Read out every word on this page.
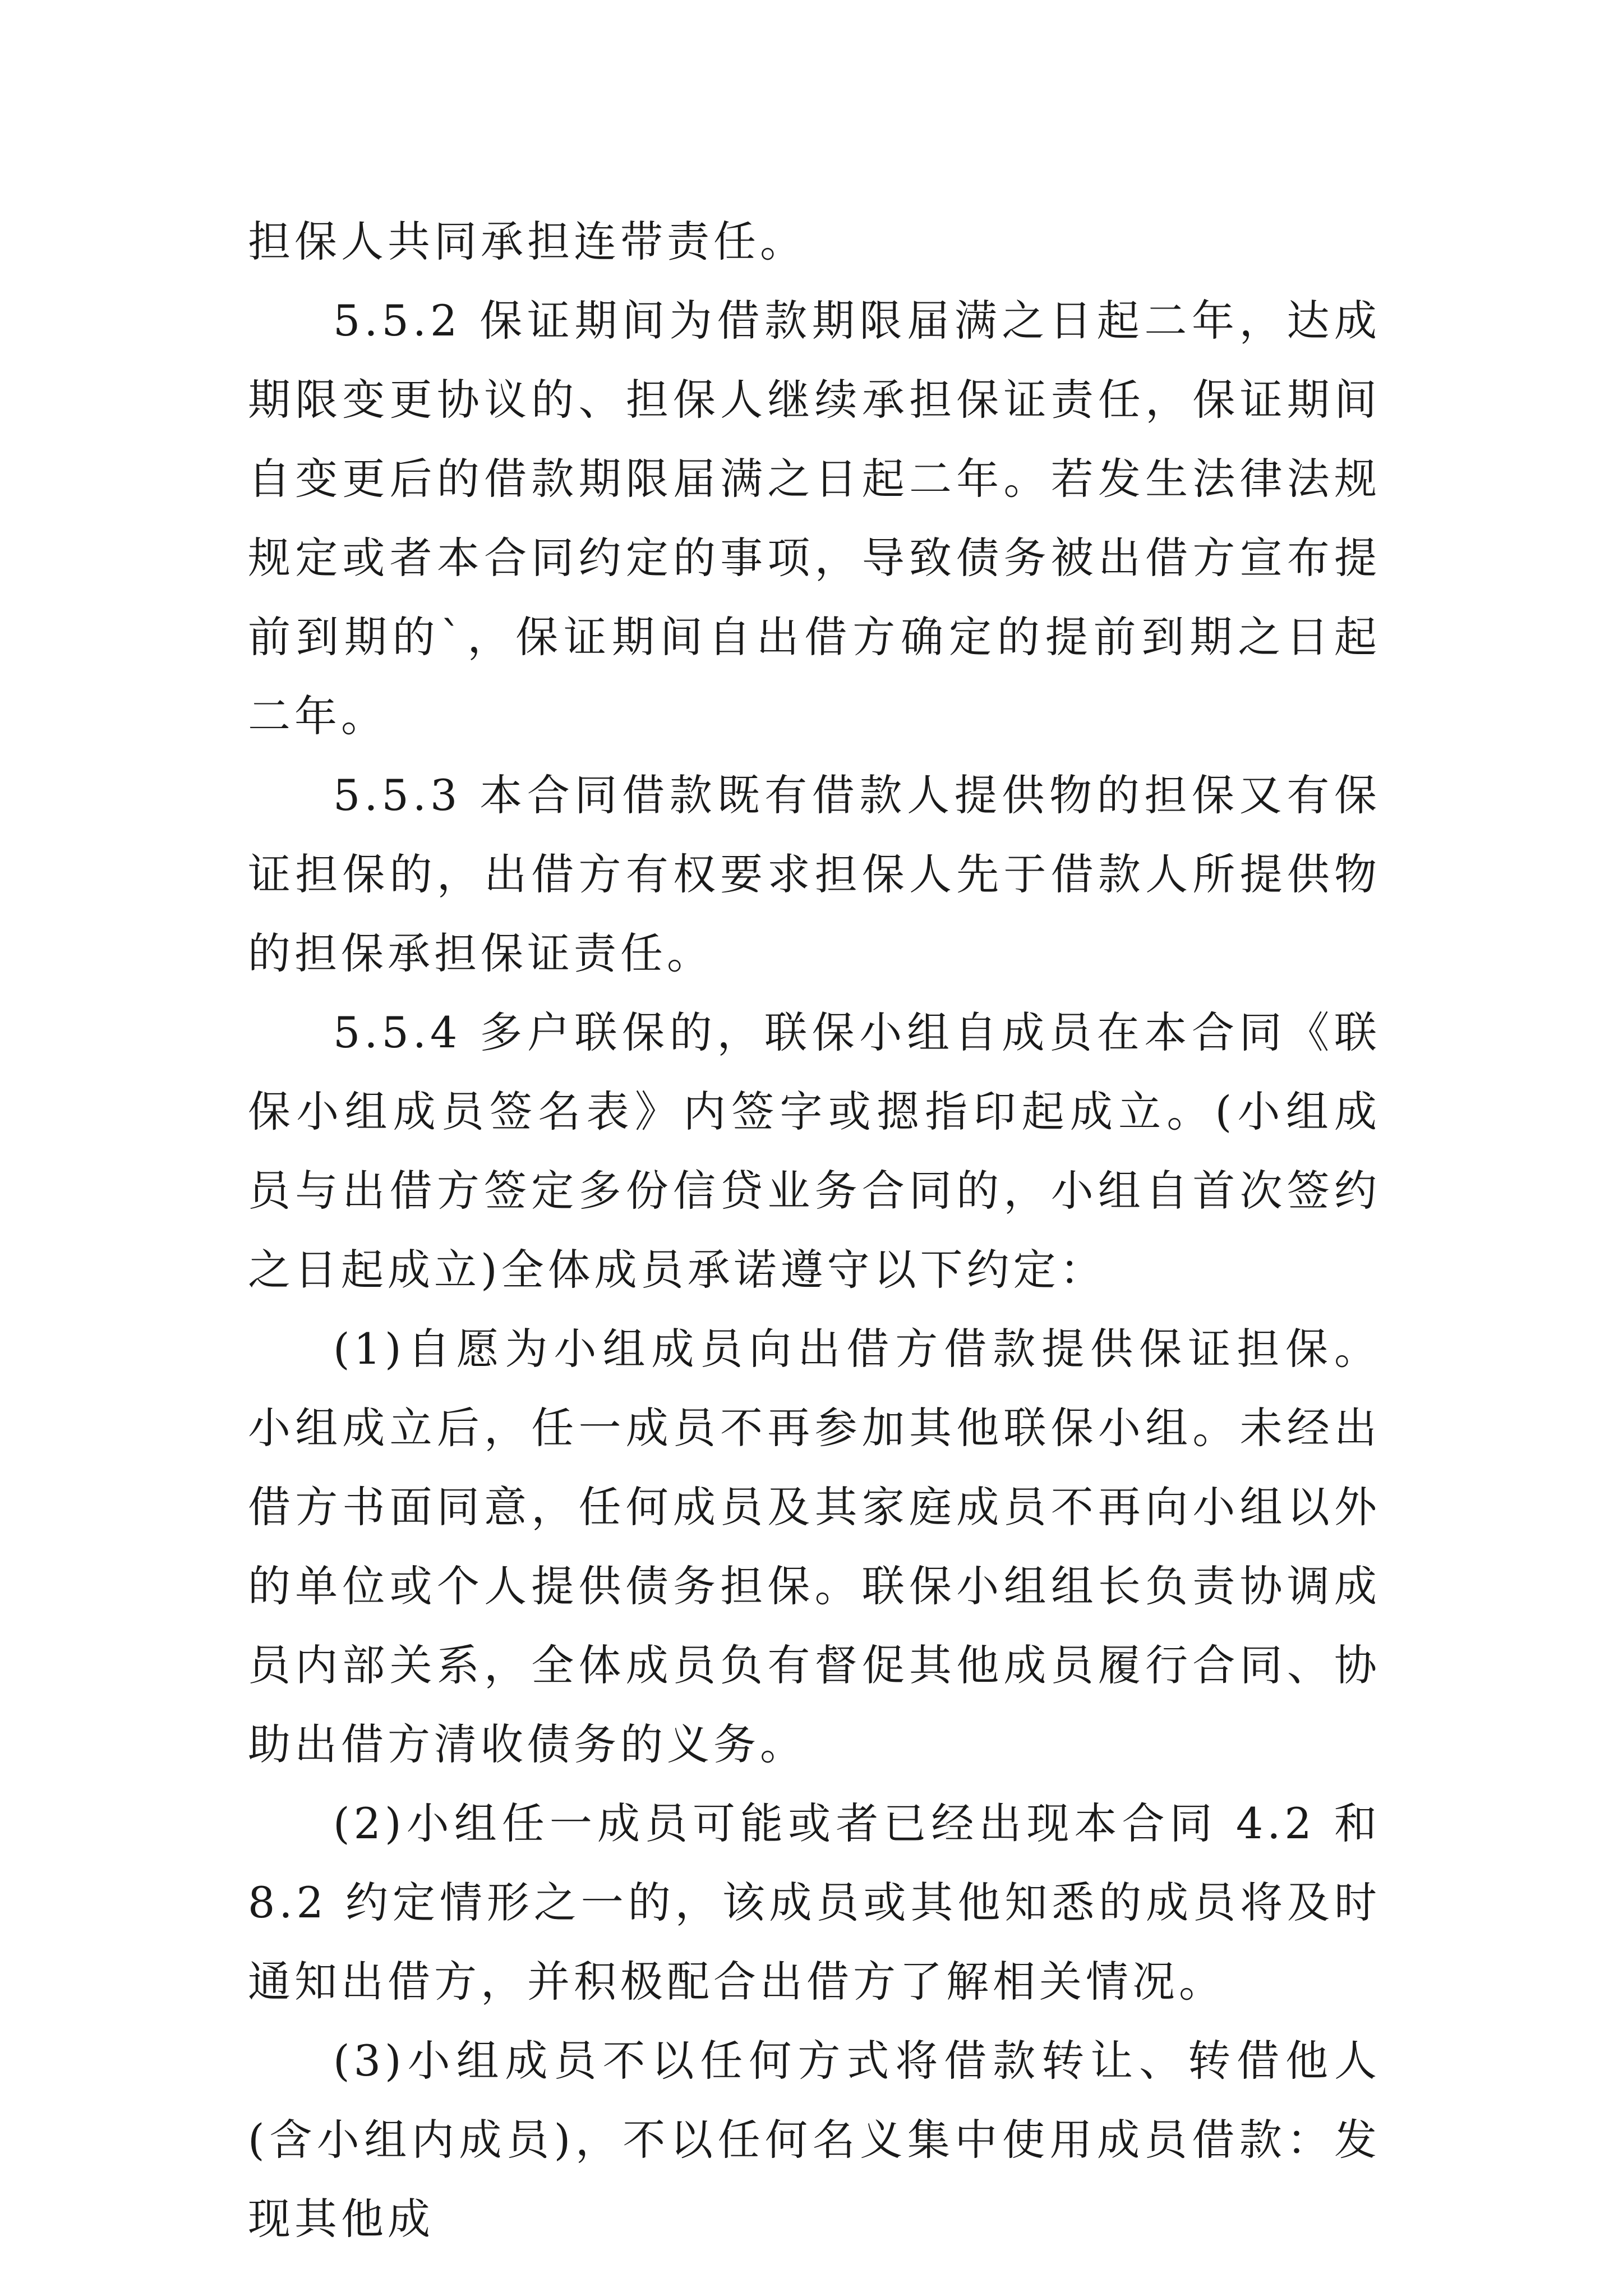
担保人共同承担连带责任。

5.5.2 保证期间为借款期限届满之日起二年，达成期限变更协议的、担保人继续承担保证责任，保证期间自变更后的借款期限届满之日起二年。若发生法律法规规定或者本合同约定的事项，导致债务被出借方宣布提前到期的`，保证期间自出借方确定的提前到期之日起二年。

5.5.3 本合同借款既有借款人提供物的担保又有保证担保的，出借方有权要求担保人先于借款人所提供物的担保承担保证责任。

5.5.4 多户联保的，联保小组自成员在本合同《联保小组成员签名表》内签字或摁指印起成立。(小组成员与出借方签定多份信贷业务合同的，小组自首次签约之日起成立)全体成员承诺遵守以下约定：

(1)自愿为小组成员向出借方借款提供保证担保。小组成立后，任一成员不再参加其他联保小组。未经出借方书面同意，任何成员及其家庭成员不再向小组以外的单位或个人提供债务担保。联保小组组长负责协调成员内部关系，全体成员负有督促其他成员履行合同、协助出借方清收债务的义务。

(2)小组任一成员可能或者已经出现本合同 4.2 和 8.2 约定情形之一的，该成员或其他知悉的成员将及时通知出借方，并积极配合出借方了解相关情况。

(3)小组成员不以任何方式将借款转让、转借他人(含小组内成员)，不以任何名义集中使用成员借款：发现其他成
